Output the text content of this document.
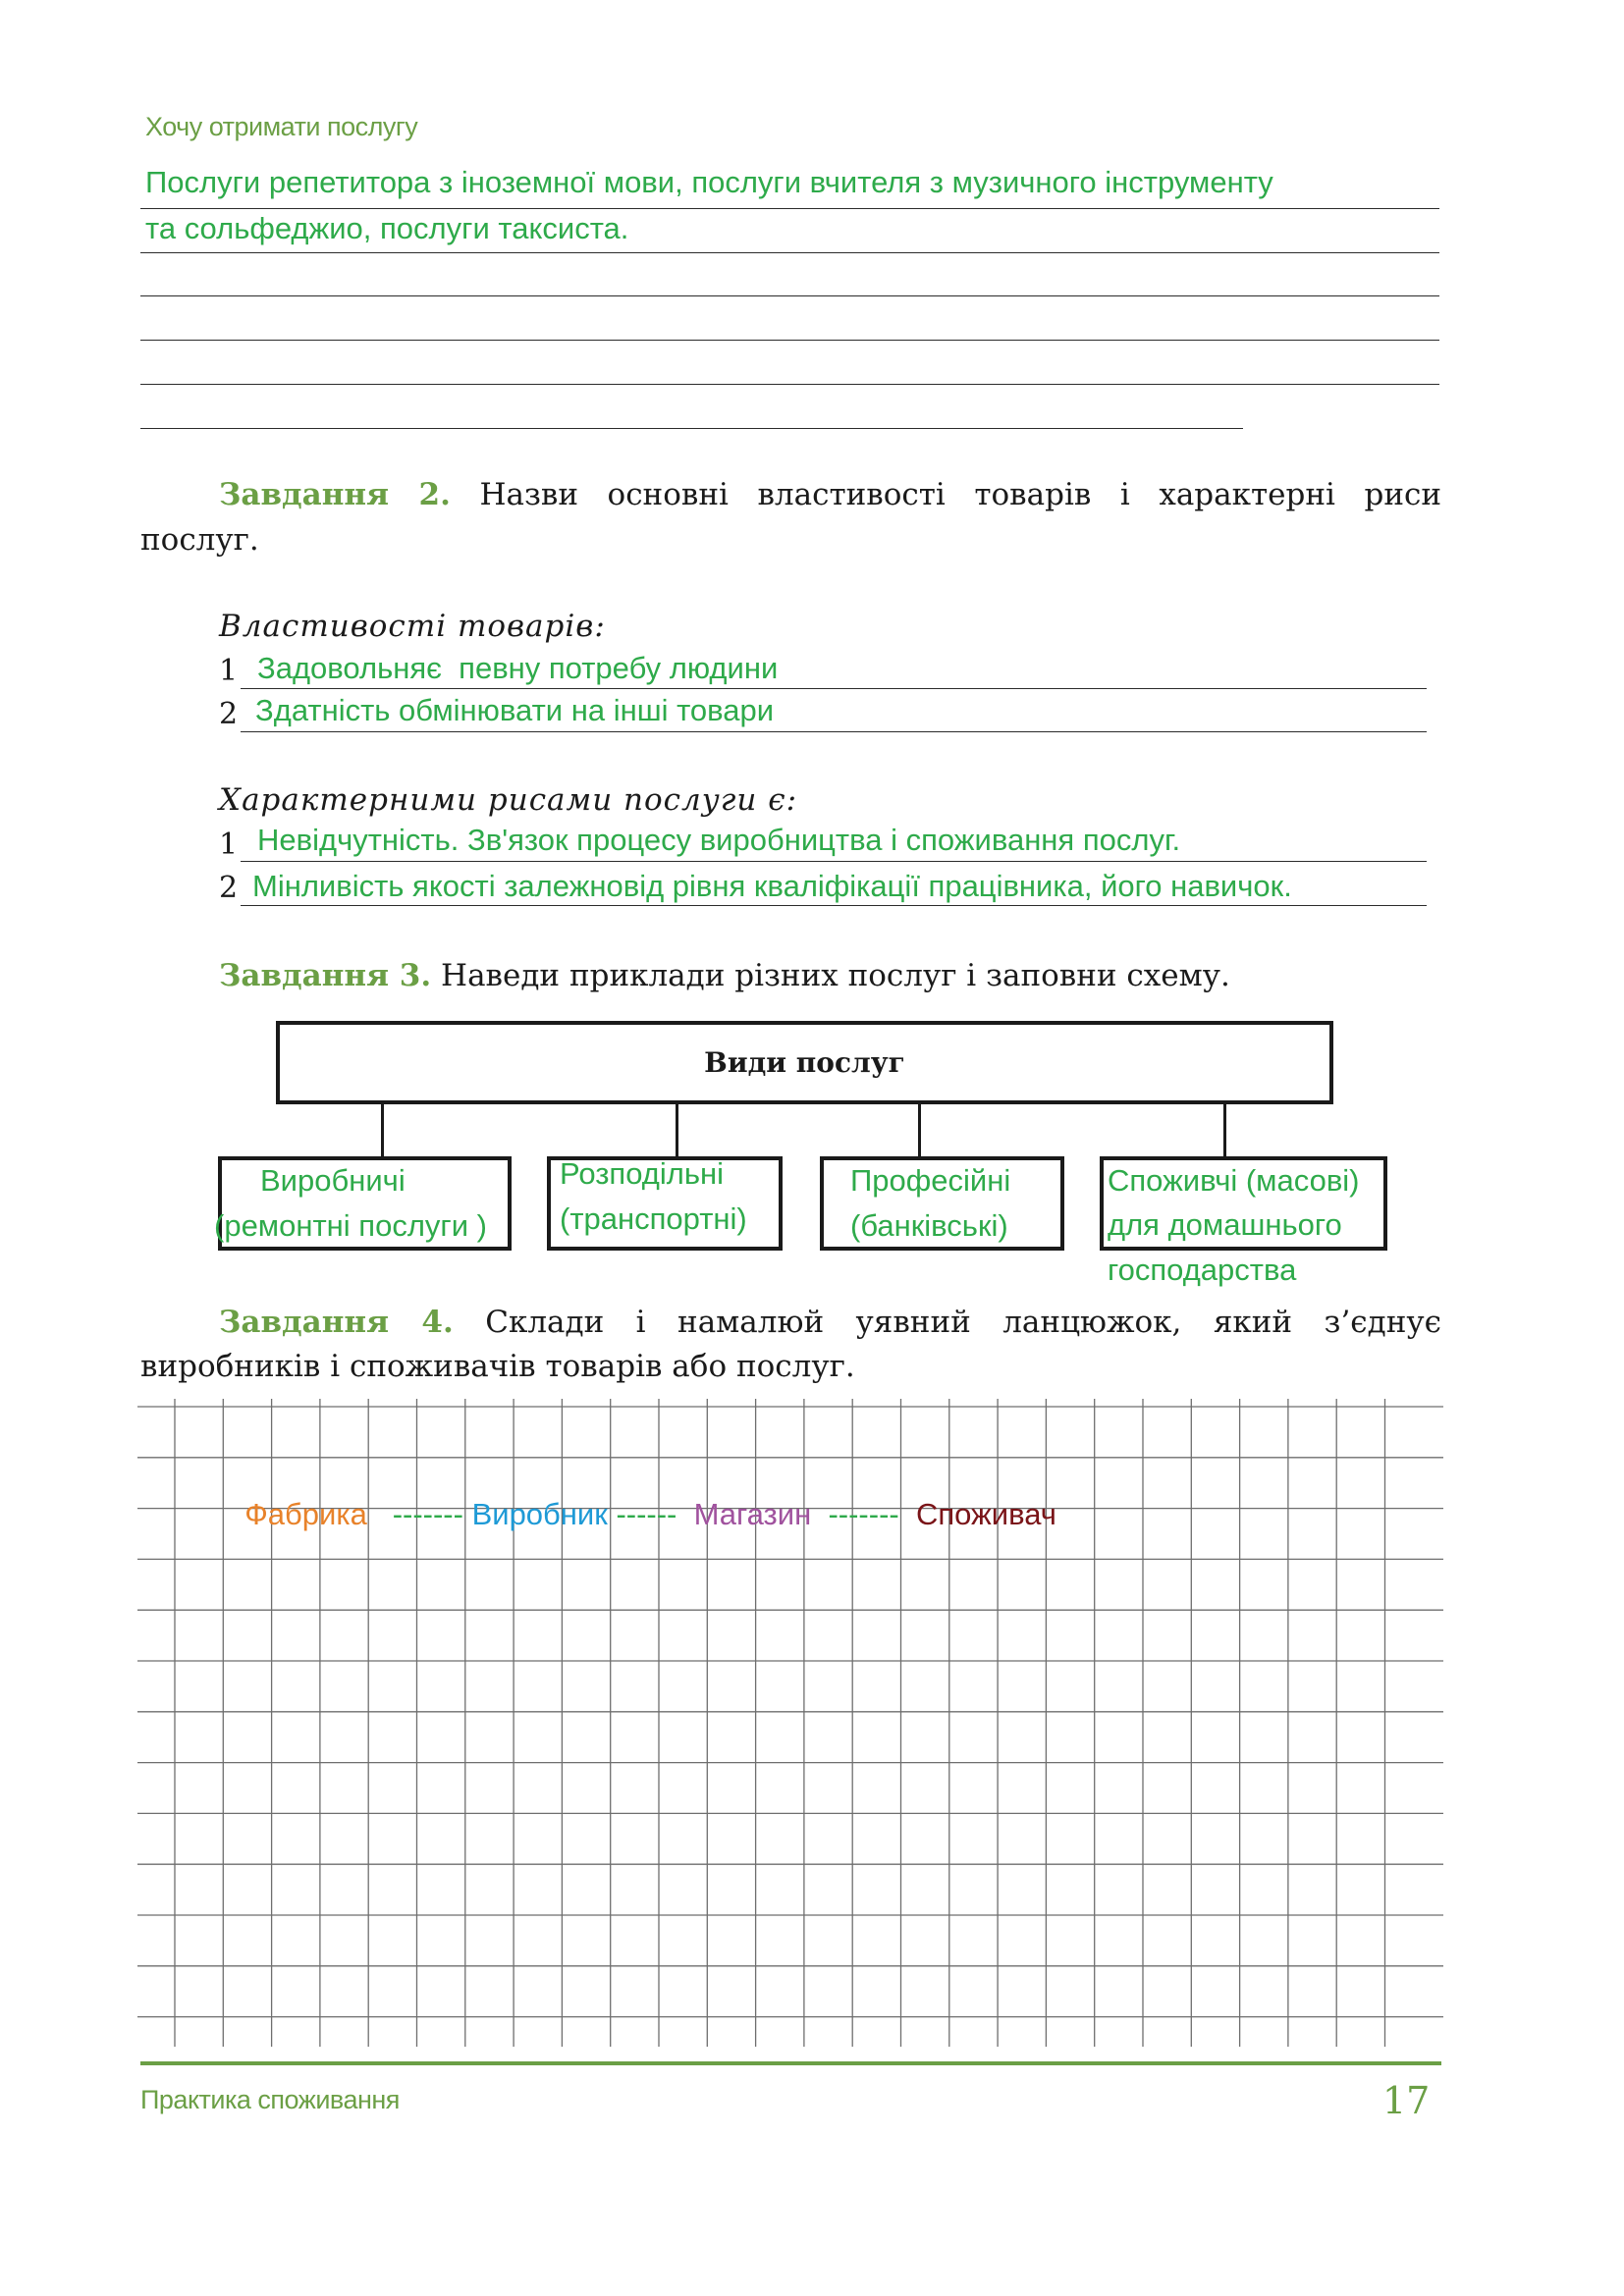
Хочу отримати послугу
Послуги репетитора з іноземної мови, послуги вчителя з музичного інструменту
та сольфеджио, послуги таксиста.
Завдання 2. Назви основні властивості товарів і характерні риси
послуг.
Властивості товарів:
1 Задовольняє  певну потребу людини
2 Здатність обмінювати на інші товари
Характерними рисами послуги є:
1 Невідчутність. Зв'язок процесу виробництва і споживання послуг.
2 Мінливість якості залежновід рівня кваліфікації працівника, його навичок.
Завдання 3. Наведи приклади різних послуг і заповни схему.
Види послуг
Виробничі
(ремонтні послуги )
Розподільні
(транспортні)
Професійні
(банківські)
Споживчі (масові)
для домашнього
господарства
Завдання 4. Склади і намалюй уявний ланцюжок, який з’єднує
виробників і споживачів товарів або послуг.

Фабрика ------- Виробник ------ Магазин ------- Споживач

Практика споживання	17
